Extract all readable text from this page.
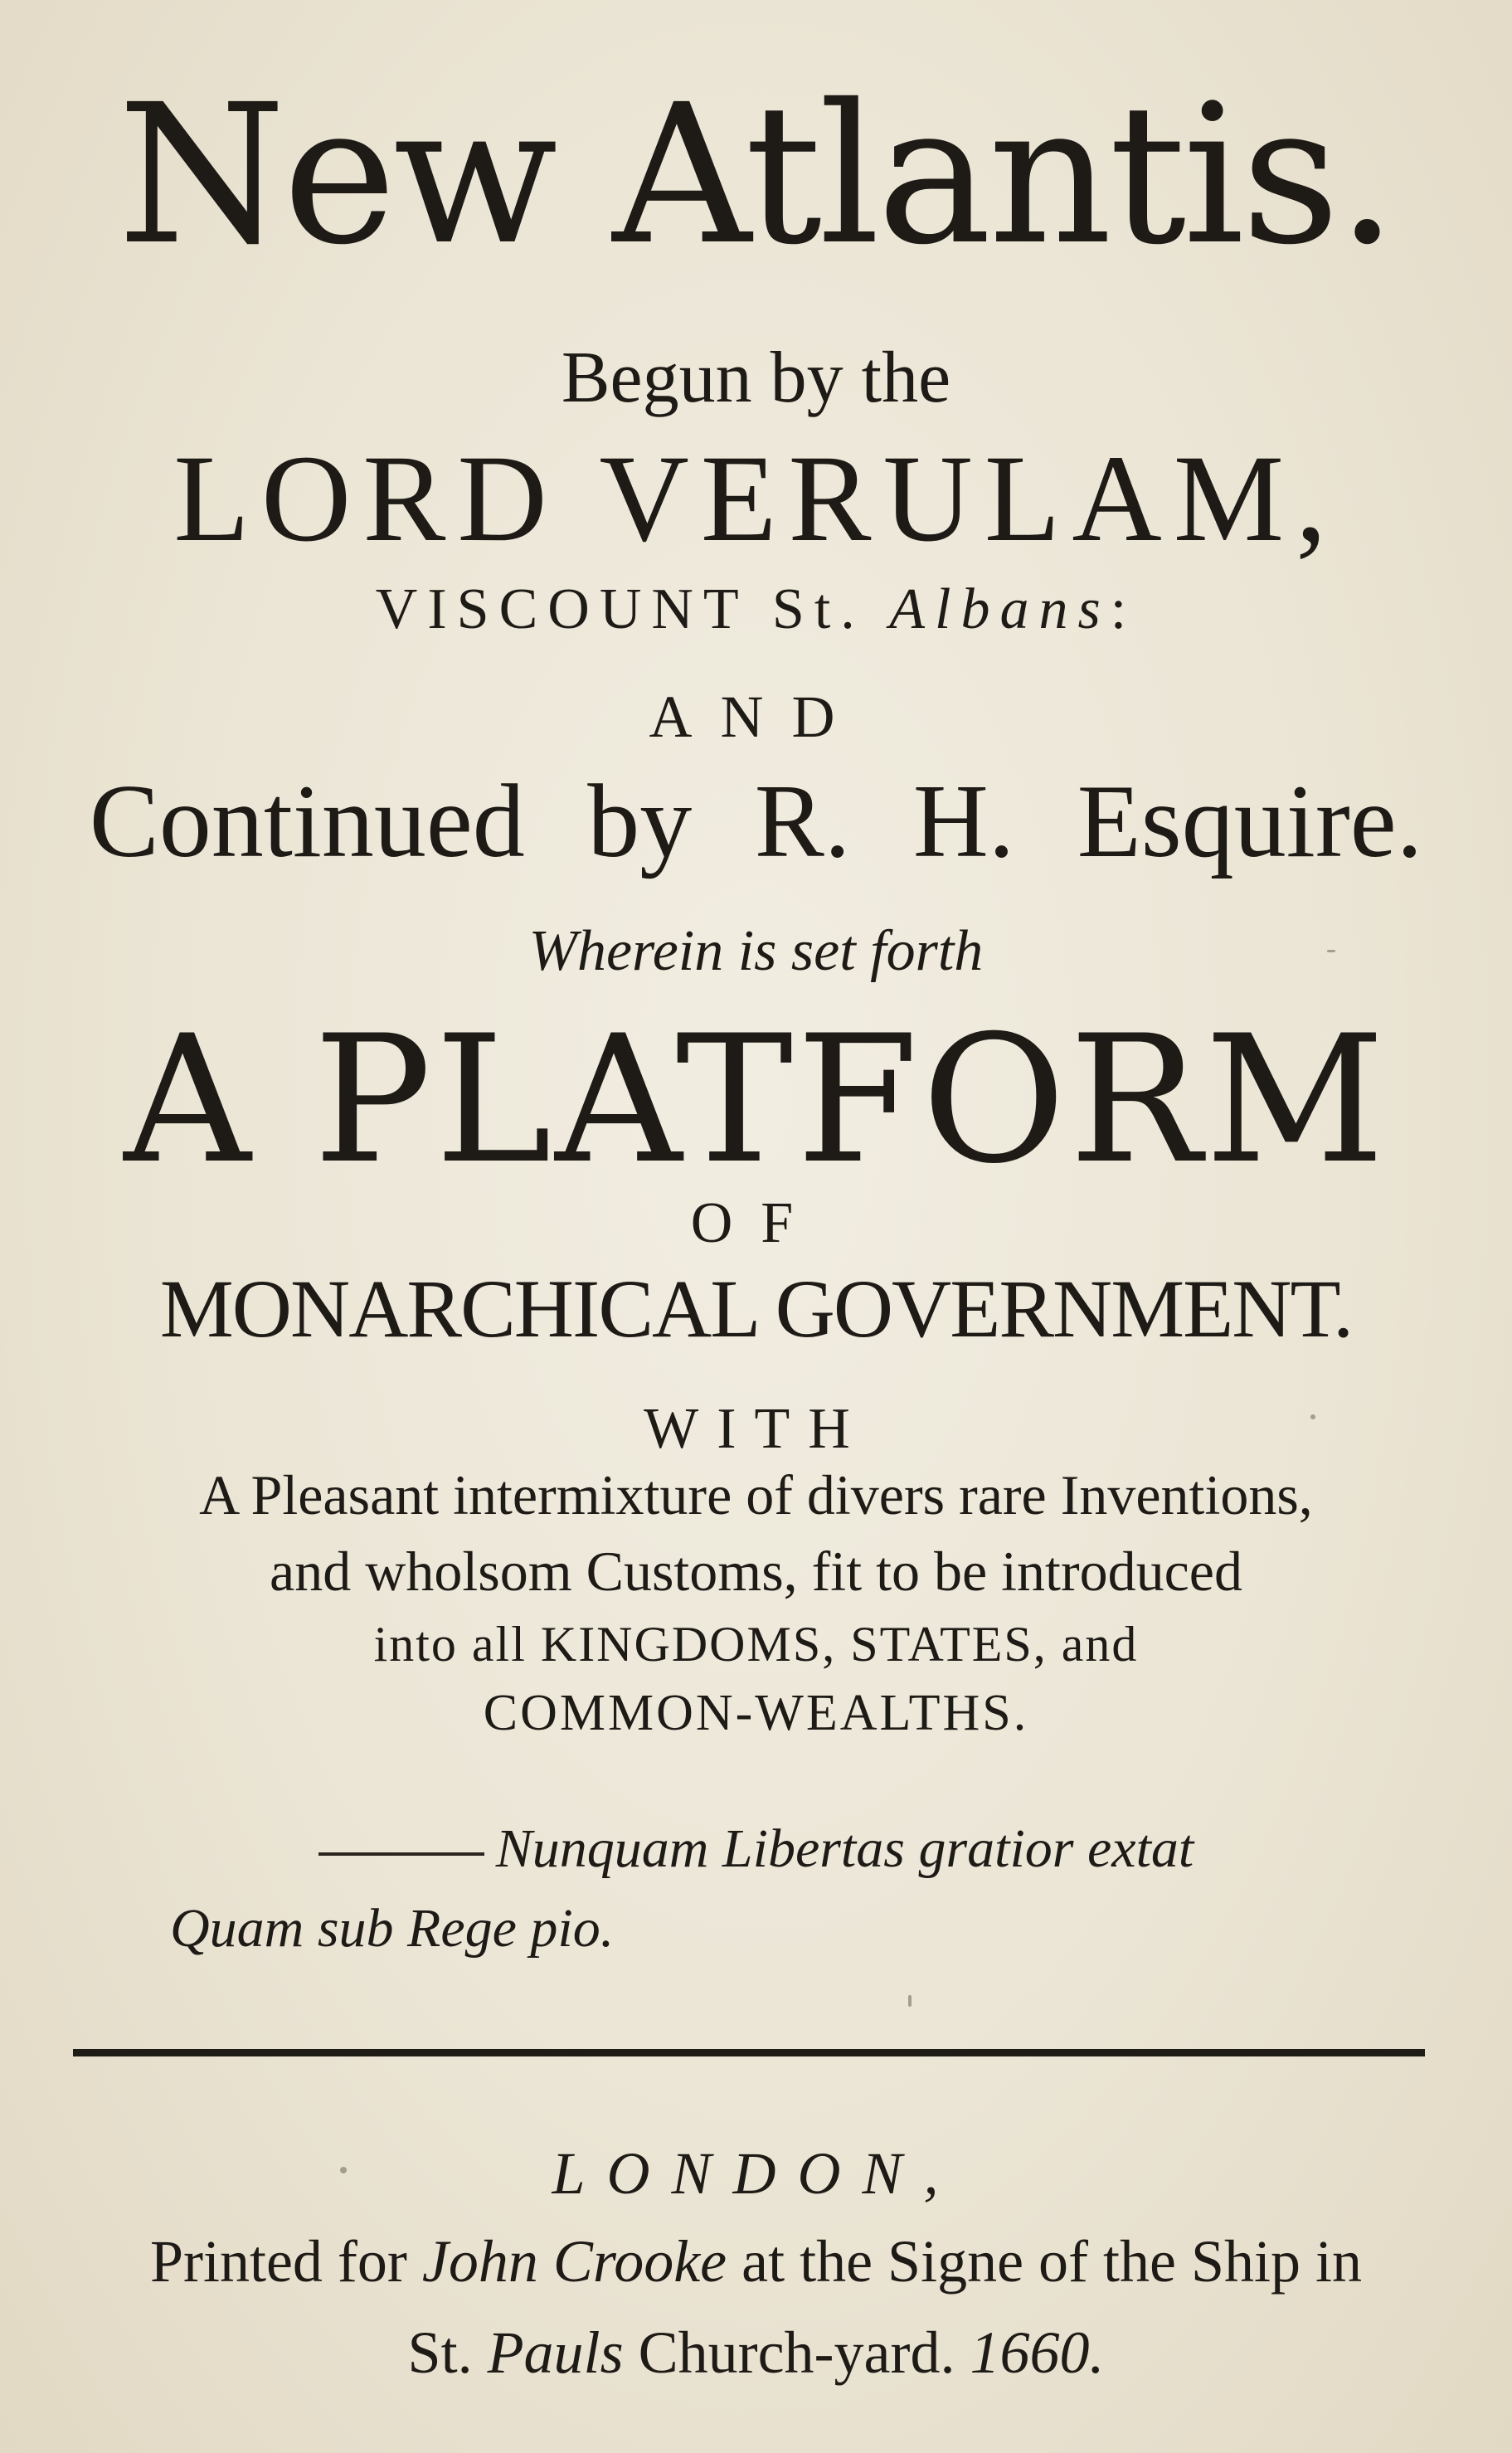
New Atlantis.
Begun by the
LORD VERULAM,
VISCOUNT St. Albans:
AND
Continued by R. H. Esquire.
Wherein is set forth
A PLATFORM
OF
MONARCHICAL GOVERNMENT.
WITH
A Pleasant intermixture of divers rare Inventions,
and wholsom Customs, fit to be introduced
into all KINGDOMS, STATES, and
COMMON-WEALTHS.
Nunquam Libertas gratior extat
Quam sub Rege pio.
LONDON,
Printed for John Crooke at the Signe of the Ship in
St. Pauls Church-yard. 1660.
